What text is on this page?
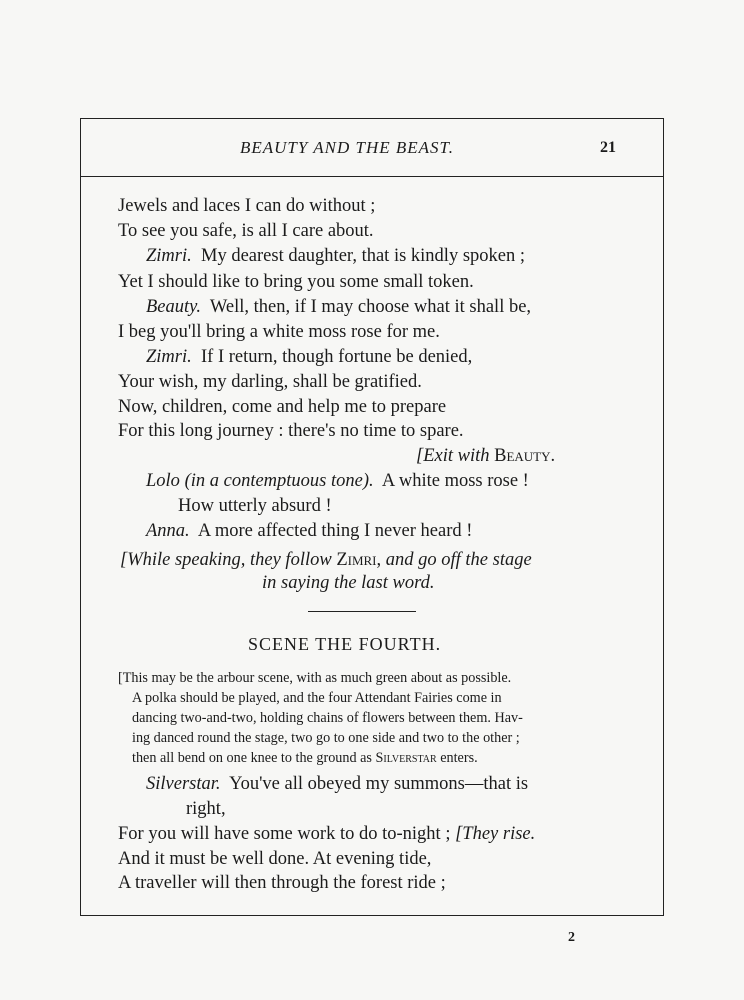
BEAUTY AND THE BEAST.	21
Jewels and laces I can do without ;
To see you safe, is all I care about.
Zimri. My dearest daughter, that is kindly spoken ;
Yet I should like to bring you some small token.
Beauty. Well, then, if I may choose what it shall be,
I beg you'll bring a white moss rose for me.
Zimri. If I return, though fortune be denied,
Your wish, my darling, shall be gratified.
Now, children, come and help me to prepare
For this long journey : there's no time to spare.
[Exit with Beauty.
Lolo (in a contemptuous tone). A white moss rose !
How utterly absurd !
Anna. A more affected thing I never heard !
[While speaking, they follow Zimri, and go off the stage
in saying the last word.
SCENE THE FOURTH.
[This may be the arbour scene, with as much green about as possible.
A polka should be played, and the four Attendant Fairies come in
dancing two-and-two, holding chains of flowers between them. Hav-
ing danced round the stage, two go to one side and two to the other ;
then all bend on one knee to the ground as Silverstar enters.
Silverstar. You've all obeyed my summons—that is
right,
For you will have some work to do to-night ; [They rise.
And it must be well done. At evening tide,
A traveller will then through the forest ride ;
2
